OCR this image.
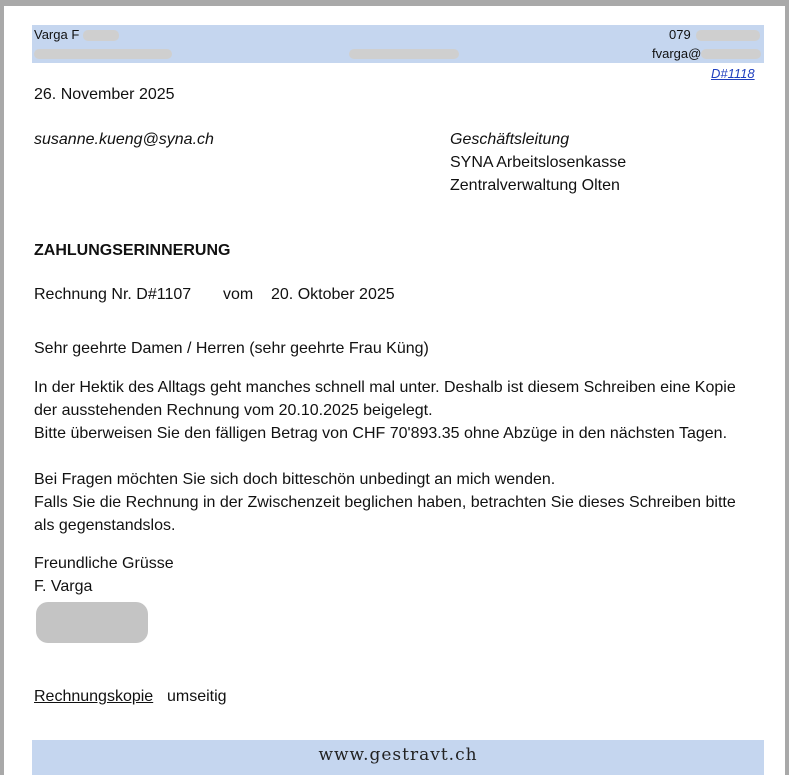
Varga F	079
fvarga@
D#1118
26. November 2025
susanne.kueng@syna.ch	Geschäftsleitung
SYNA Arbeitslosenkasse
Zentralverwaltung Olten
ZAHLUNGSERINNERUNG
Rechnung Nr. D#1107 vom 20. Oktober 2025
Sehr geehrte Damen / Herren (sehr geehrte Frau Küng)
In der Hektik des Alltags geht manches schnell mal unter. Deshalb ist diesem Schreiben eine Kopie der ausstehenden Rechnung vom 20.10.2025 beigelegt.
Bitte überweisen Sie den fälligen Betrag von CHF 70'893.35 ohne Abzüge in den nächsten Tagen.
Bei Fragen möchten Sie sich doch bitteschön unbedingt an mich wenden.
Falls Sie die Rechnung in der Zwischenzeit beglichen haben, betrachten Sie dieses Schreiben bitte als gegenstandslos.
Freundliche Grüsse
F. Varga
Rechnungskopie umseitig
www.gestravt.ch
